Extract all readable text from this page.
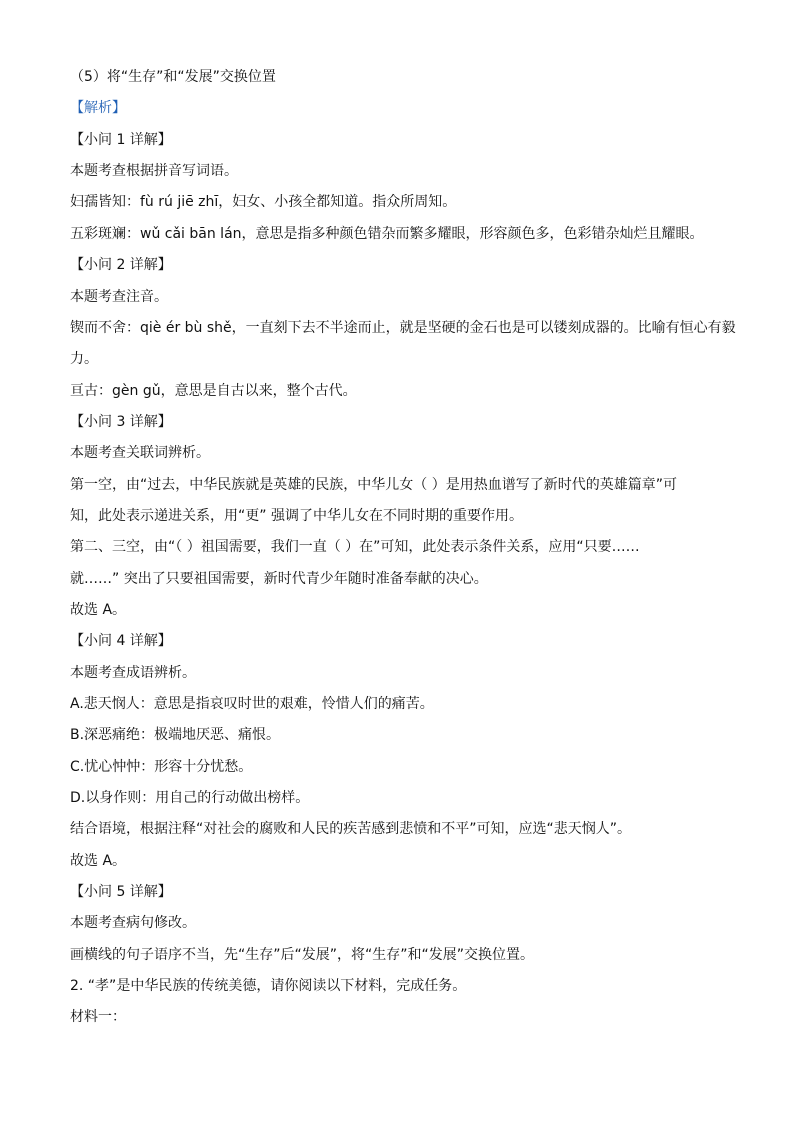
（5）将“生存”和“发展”交换位置
【解析】
【小问 1 详解】
本题考查根据拼音写词语。
妇孺皆知：fù rú jiē zhī，妇女、小孩全都知道。指众所周知。
五彩斑斓：wǔ cǎi bān lán，意思是指多种颜色错杂而繁多耀眼，形容颜色多，色彩错杂灿烂且耀眼。
【小问 2 详解】
本题考查注音。
锲而不舍：qiè ér bù shě，一直刻下去不半途而止，就是坚硬的金石也是可以镂刻成器的。比喻有恒心有毅
力。
亘古：gèn gǔ，意思是自古以来，整个古代。
【小问 3 详解】
本题考查关联词辨析。
第一空，由“过去，中华民族就是英雄的民族，中华儿女（ ）是用热血谱写了新时代的英雄篇章”可
知，此处表示递进关系，用“更” 强调了中华儿女在不同时期的重要作用。
第二、三空，由“（ ）祖国需要，我们一直（ ）在”可知，此处表示条件关系，应用“只要……
就……” 突出了只要祖国需要，新时代青少年随时准备奉献的决心。
故选 A。
【小问 4 详解】
本题考查成语辨析。
A.悲天悯人：意思是指哀叹时世的艰难，怜惜人们的痛苦。
B.深恶痛绝：极端地厌恶、痛恨。
C.忧心忡忡：形容十分忧愁。
D.以身作则：用自己的行动做出榜样。
结合语境，根据注释“对社会的腐败和人民的疾苦感到悲愤和不平”可知，应选“悲天悯人”。
故选 A。
【小问 5 详解】
本题考查病句修改。
画横线的句子语序不当，先“生存”后“发展”，将“生存”和“发展”交换位置。
2. “孝”是中华民族的传统美德，请你阅读以下材料，完成任务。
材料一：
